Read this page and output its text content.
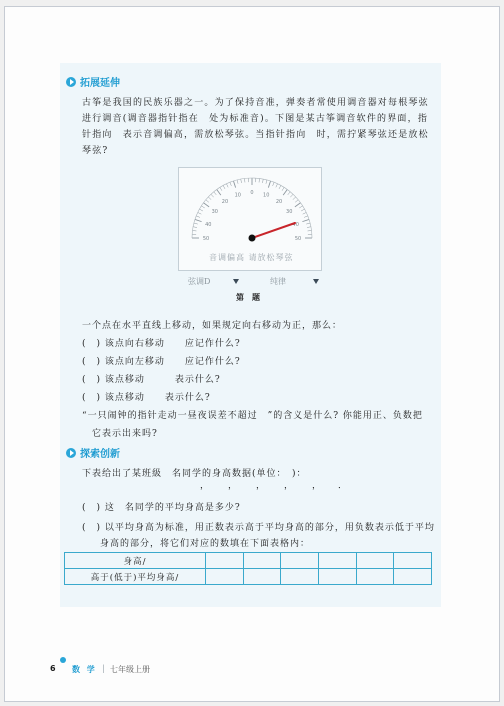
拓展延伸

古筝是我国的民族乐器之一。为了保持音准，弹奏者常使用调音器对每根琴弦进行调音(调音器指针指在　处为标准音)。下图是某古筝调音软件的界面，指针指向　表示音调偏高，需放松琴弦。当指针指向　时，需拧紧琴弦还是放松琴弦?

50
40
30
20
10 0 10
20
30
40
50
音调偏高 请放松琴弦
弦调D	纯律
第　题
一个点在水平直线上移动，如果规定向右移动为正，那么：
(　) 该点向右移动　　应记作什么?
(　) 该点向左移动　　应记作什么?
(　) 该点移动　　　表示什么?
(　) 该点移动　　表示什么?
“一只闹钟的指针走动一昼夜误差不超过　”的含义是什么? 你能用正、负数把
它表示出来吗?
探索创新
下表给出了某班級　名同学的身高数据(单位：　)：
， ， ， ， ， ．
(　) 这　名同学的平均身高是多少?
(　) 以平均身高为标准，用正数表示高于平均身高的部分，用负数表示低于平均
身高的部分，将它们对应的数填在下面表格内：
身高/						
高于(低于)平均身高/						
6 数 学 | 七年级上册
